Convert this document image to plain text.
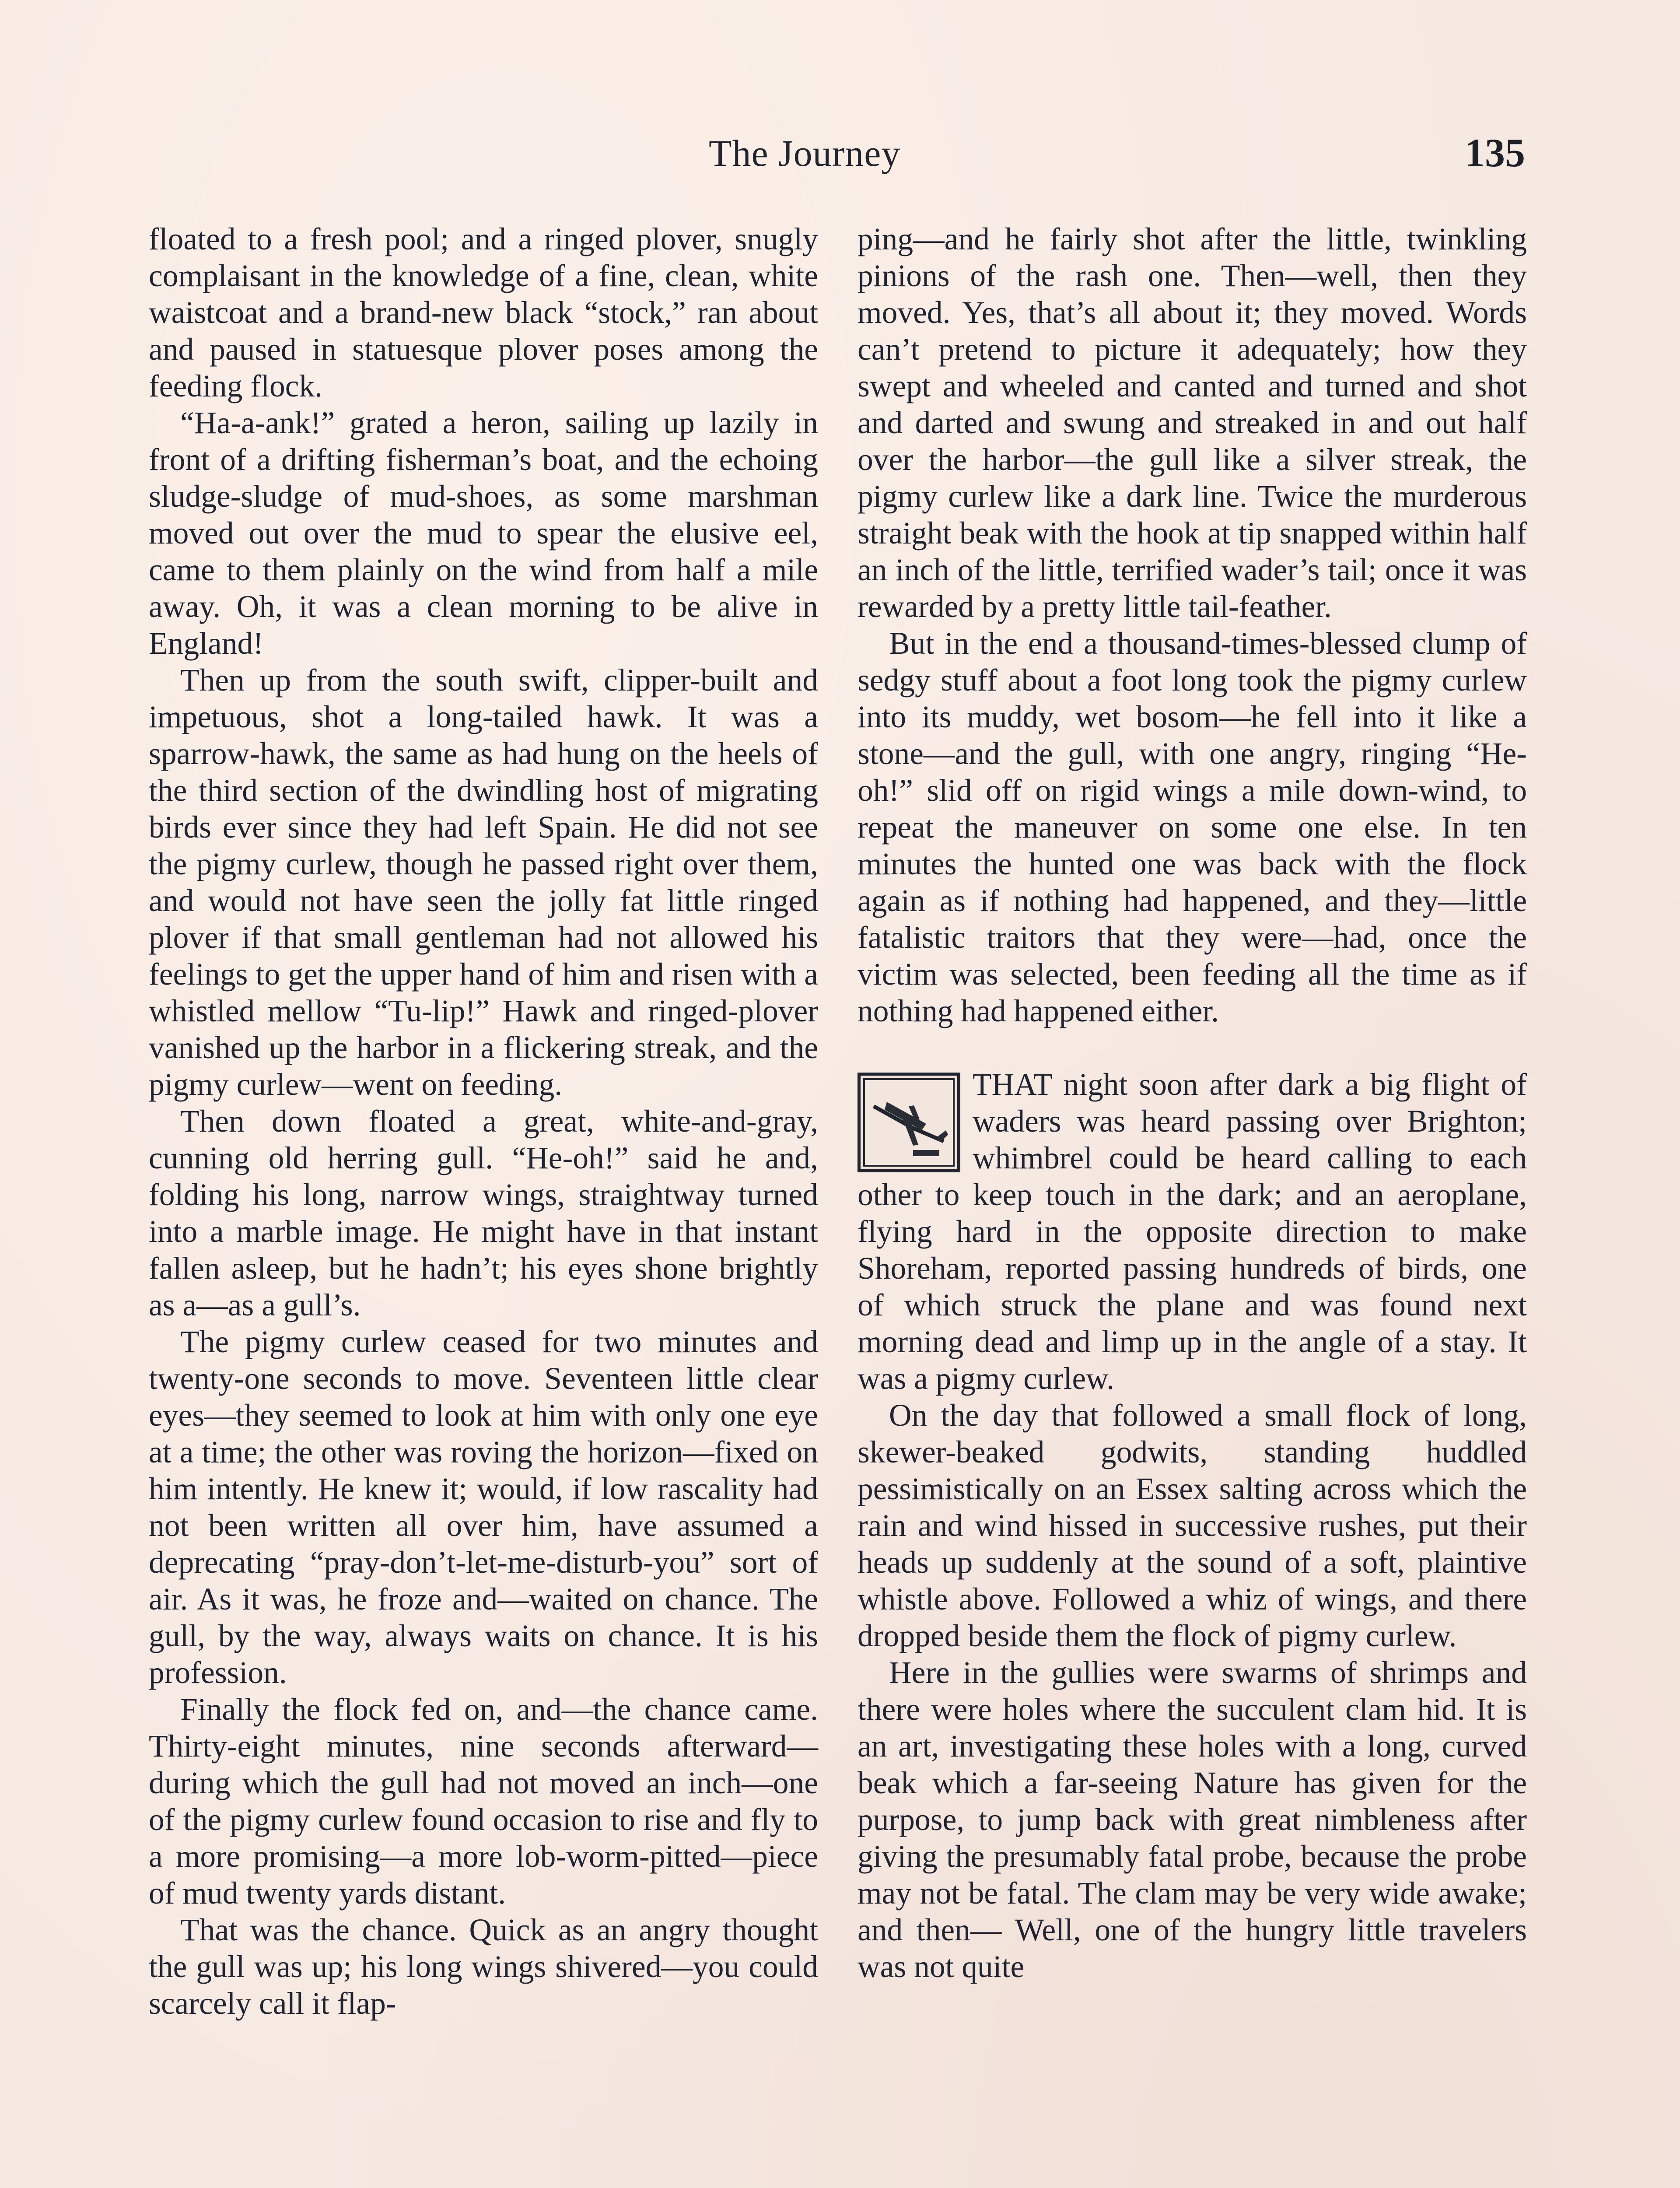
The Journey	135

floated to a fresh pool; and a ringed plover, snugly complaisant in the knowledge of a fine, clean, white waistcoat and a brand-new black “stock,” ran about and paused in statuesque plover poses among the feeding flock.

“Ha-a-ank!” grated a heron, sailing up lazily in front of a drifting fisherman’s boat, and the echoing sludge-sludge of mud-shoes, as some marshman moved out over the mud to spear the elusive eel, came to them plainly on the wind from half a mile away. Oh, it was a clean morning to be alive in England!

Then up from the south swift, clipper-built and impetuous, shot a long-tailed hawk. It was a sparrow-hawk, the same as had hung on the heels of the third section of the dwindling host of migrating birds ever since they had left Spain. He did not see the pigmy curlew, though he passed right over them, and would not have seen the jolly fat little ringed plover if that small gentleman had not allowed his feelings to get the upper hand of him and risen with a whistled mellow “Tu-lip!” Hawk and ringed-plover vanished up the harbor in a flickering streak, and the pigmy curlew—went on feeding.

Then down floated a great, white-and-gray, cunning old herring gull. “He-oh!” said he and, folding his long, narrow wings, straightway turned into a marble image. He might have in that instant fallen asleep, but he hadn’t; his eyes shone brightly as a—as a gull’s.

The pigmy curlew ceased for two minutes and twenty-one seconds to move. Seventeen little clear eyes—they seemed to look at him with only one eye at a time; the other was roving the horizon—fixed on him intently. He knew it; would, if low rascality had not been written all over him, have assumed a deprecating “pray-don’t-let-me-disturb-you” sort of air. As it was, he froze and—waited on chance. The gull, by the way, always waits on chance. It is his profession.

Finally the flock fed on, and—the chance came. Thirty-eight minutes, nine seconds afterward—during which the gull had not moved an inch—one of the pigmy curlew found occasion to rise and fly to a more promising—a more lob-worm-pitted—piece of mud twenty yards distant.

That was the chance. Quick as an angry thought the gull was up; his long wings shivered—you could scarcely call it flap-

ping—and he fairly shot after the little, twinkling pinions of the rash one. Then—well, then they moved. Yes, that’s all about it; they moved. Words can’t pretend to picture it adequately; how they swept and wheeled and canted and turned and shot and darted and swung and streaked in and out half over the harbor—the gull like a silver streak, the pigmy curlew like a dark line. Twice the murderous straight beak with the hook at tip snapped within half an inch of the little, terrified wader’s tail; once it was rewarded by a pretty little tail-feather.

But in the end a thousand-times-blessed clump of sedgy stuff about a foot long took the pigmy curlew into its muddy, wet bosom—he fell into it like a stone—and the gull, with one angry, ringing “He-oh!” slid off on rigid wings a mile down-wind, to repeat the maneuver on some one else. In ten minutes the hunted one was back with the flock again as if nothing had happened, and they—little fatalistic traitors that they were—had, once the victim was selected, been feeding all the time as if nothing had happened either.

THAT night soon after dark a big flight of waders was heard passing over Brighton; whimbrel could be heard calling to each other to keep touch in the dark; and an aeroplane, flying hard in the opposite direction to make Shoreham, reported passing hundreds of birds, one of which struck the plane and was found next morning dead and limp up in the angle of a stay. It was a pigmy curlew.

On the day that followed a small flock of long, skewer-beaked godwits, standing huddled pessimistically on an Essex salting across which the rain and wind hissed in successive rushes, put their heads up suddenly at the sound of a soft, plaintive whistle above. Followed a whiz of wings, and there dropped beside them the flock of pigmy curlew.

Here in the gullies were swarms of shrimps and there were holes where the succulent clam hid. It is an art, investigating these holes with a long, curved beak which a far-seeing Nature has given for the purpose, to jump back with great nimbleness after giving the presumably fatal probe, because the probe may not be fatal. The clam may be very wide awake; and then— Well, one of the hungry little travelers was not quite
